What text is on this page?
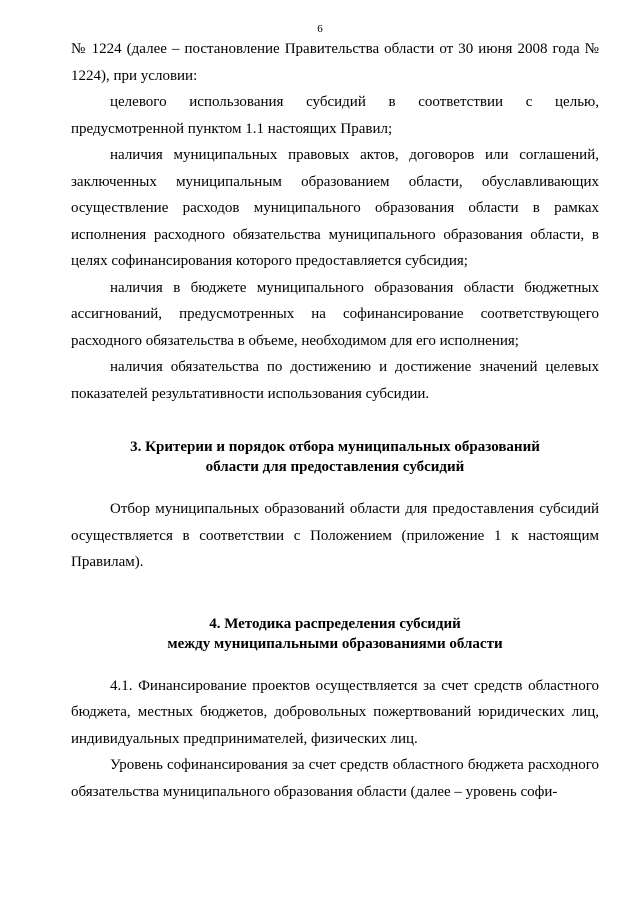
6

№ 1224 (далее – постановление Правительства области от 30 июня 2008 года № 1224), при условии:

целевого использования субсидий в соответствии с целью, предусмотренной пунктом 1.1 настоящих Правил;

наличия муниципальных правовых актов, договоров или соглашений, заключенных муниципальным образованием области, обуславливающих осуществление расходов муниципального образования области в рамках исполнения расходного обязательства муниципального образования области, в целях софинансирования которого предоставляется субсидия;

наличия в бюджете муниципального образования области бюджетных ассигнований, предусмотренных на софинансирование соответствующего расходного обязательства в объеме, необходимом для его исполнения;

наличия обязательства по достижению и достижение значений целевых показателей результативности использования субсидии.

3. Критерии и порядок отбора муниципальных образований

области для предоставления субсидий

Отбор муниципальных образований области для предоставления субсидий осуществляется в соответствии с Положением (приложение 1 к настоящим Правилам).

4. Методика распределения субсидий

между муниципальными образованиями области

4.1. Финансирование проектов осуществляется за счет средств областного бюджета, местных бюджетов, добровольных пожертвований юридических лиц, индивидуальных предпринимателей, физических лиц.

Уровень софинансирования за счет средств областного бюджета расходного обязательства муниципального образования области (далее – уровень софи-
